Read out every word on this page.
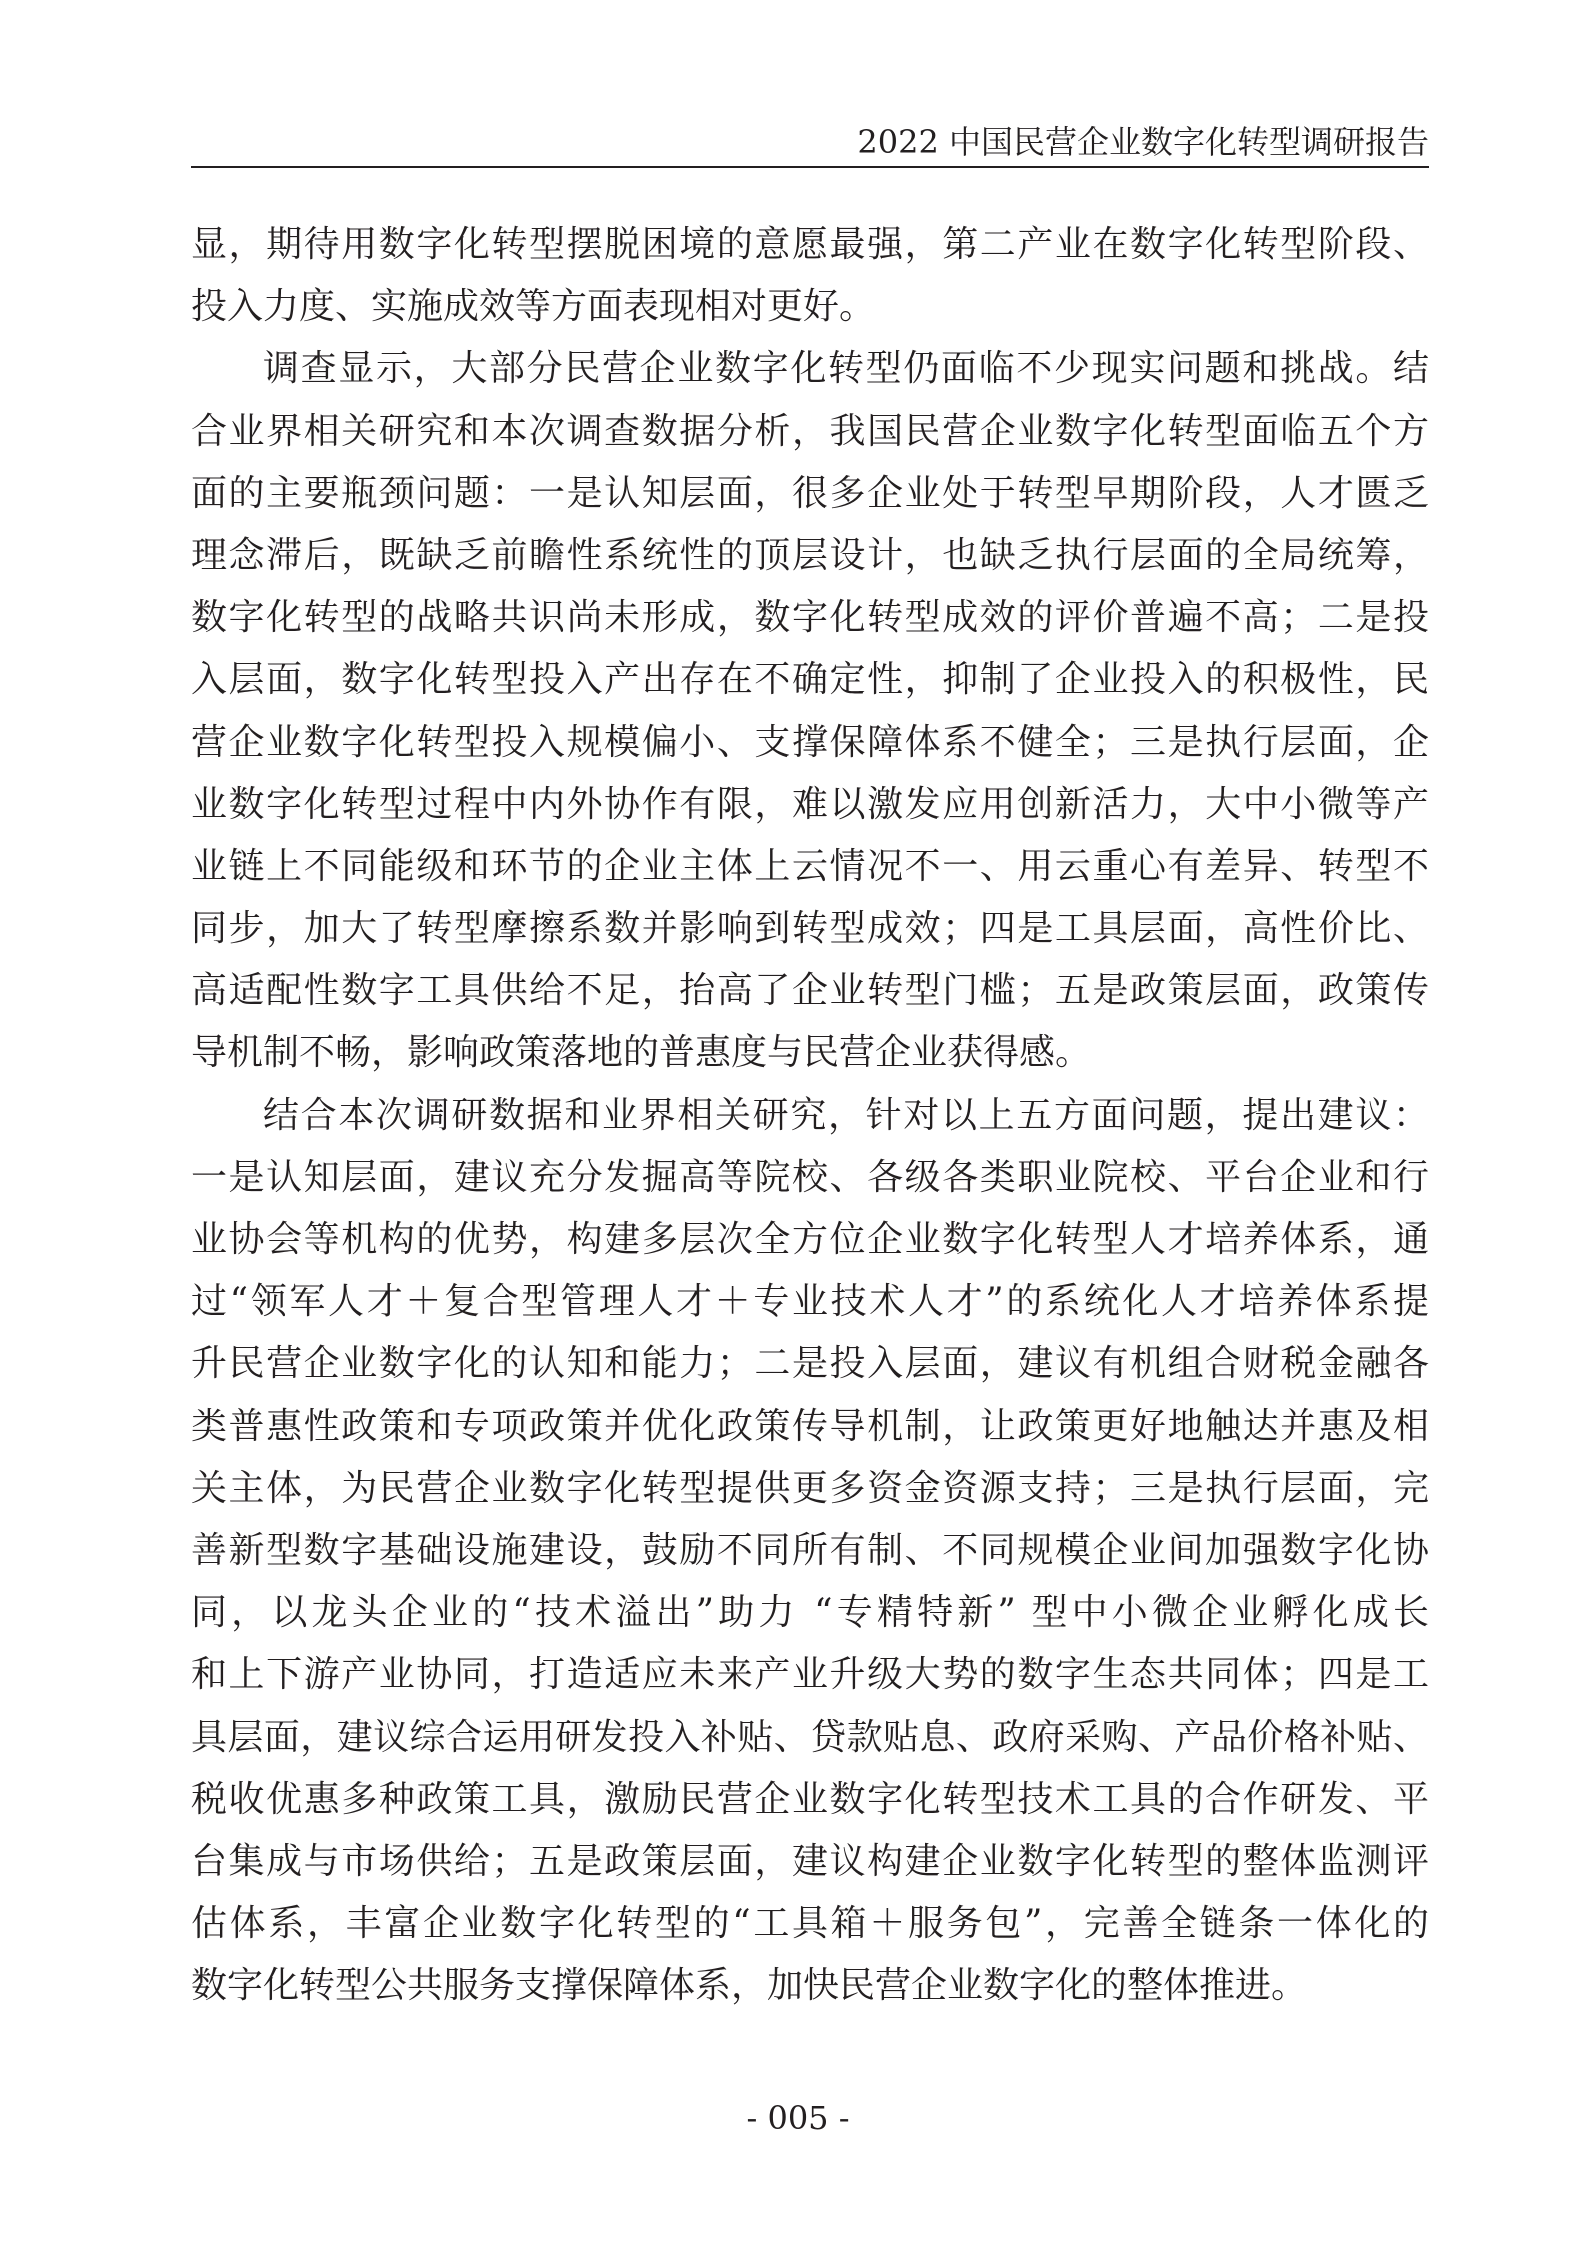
2022 中国民营企业数字化转型调研报告
显，期待用数字化转型摆脱困境的意愿最强，第二产业在数字化转型阶段、
投入力度、实施成效等方面表现相对更好。
调查显示，大部分民营企业数字化转型仍面临不少现实问题和挑战。结
合业界相关研究和本次调查数据分析，我国民营企业数字化转型面临五个方
面的主要瓶颈问题：一是认知层面，很多企业处于转型早期阶段，人才匮乏
理念滞后，既缺乏前瞻性系统性的顶层设计，也缺乏执行层面的全局统筹，
数字化转型的战略共识尚未形成，数字化转型成效的评价普遍不高；二是投
入层面，数字化转型投入产出存在不确定性，抑制了企业投入的积极性，民
营企业数字化转型投入规模偏小、支撑保障体系不健全；三是执行层面，企
业数字化转型过程中内外协作有限，难以激发应用创新活力，大中小微等产
业链上不同能级和环节的企业主体上云情况不一、用云重心有差异、转型不
同步，加大了转型摩擦系数并影响到转型成效；四是工具层面，高性价比、
高适配性数字工具供给不足，抬高了企业转型门槛；五是政策层面，政策传
导机制不畅，影响政策落地的普惠度与民营企业获得感。
结合本次调研数据和业界相关研究，针对以上五方面问题，提出建议：
一是认知层面，建议充分发掘高等院校、各级各类职业院校、平台企业和行
业协会等机构的优势，构建多层次全方位企业数字化转型人才培养体系，通
过“领军人才＋复合型管理人才＋专业技术人才”的系统化人才培养体系提
升民营企业数字化的认知和能力；二是投入层面，建议有机组合财税金融各
类普惠性政策和专项政策并优化政策传导机制，让政策更好地触达并惠及相
关主体，为民营企业数字化转型提供更多资金资源支持；三是执行层面，完
善新型数字基础设施建设，鼓励不同所有制、不同规模企业间加强数字化协
同，以龙头企业的“技术溢出”助力 “专精特新” 型中小微企业孵化成长
和上下游产业协同，打造适应未来产业升级大势的数字生态共同体；四是工
具层面，建议综合运用研发投入补贴、贷款贴息、政府采购、产品价格补贴、
税收优惠多种政策工具，激励民营企业数字化转型技术工具的合作研发、平
台集成与市场供给；五是政策层面，建议构建企业数字化转型的整体监测评
估体系，丰富企业数字化转型的“工具箱＋服务包”，完善全链条一体化的
数字化转型公共服务支撑保障体系，加快民营企业数字化的整体推进。
- 005 -
